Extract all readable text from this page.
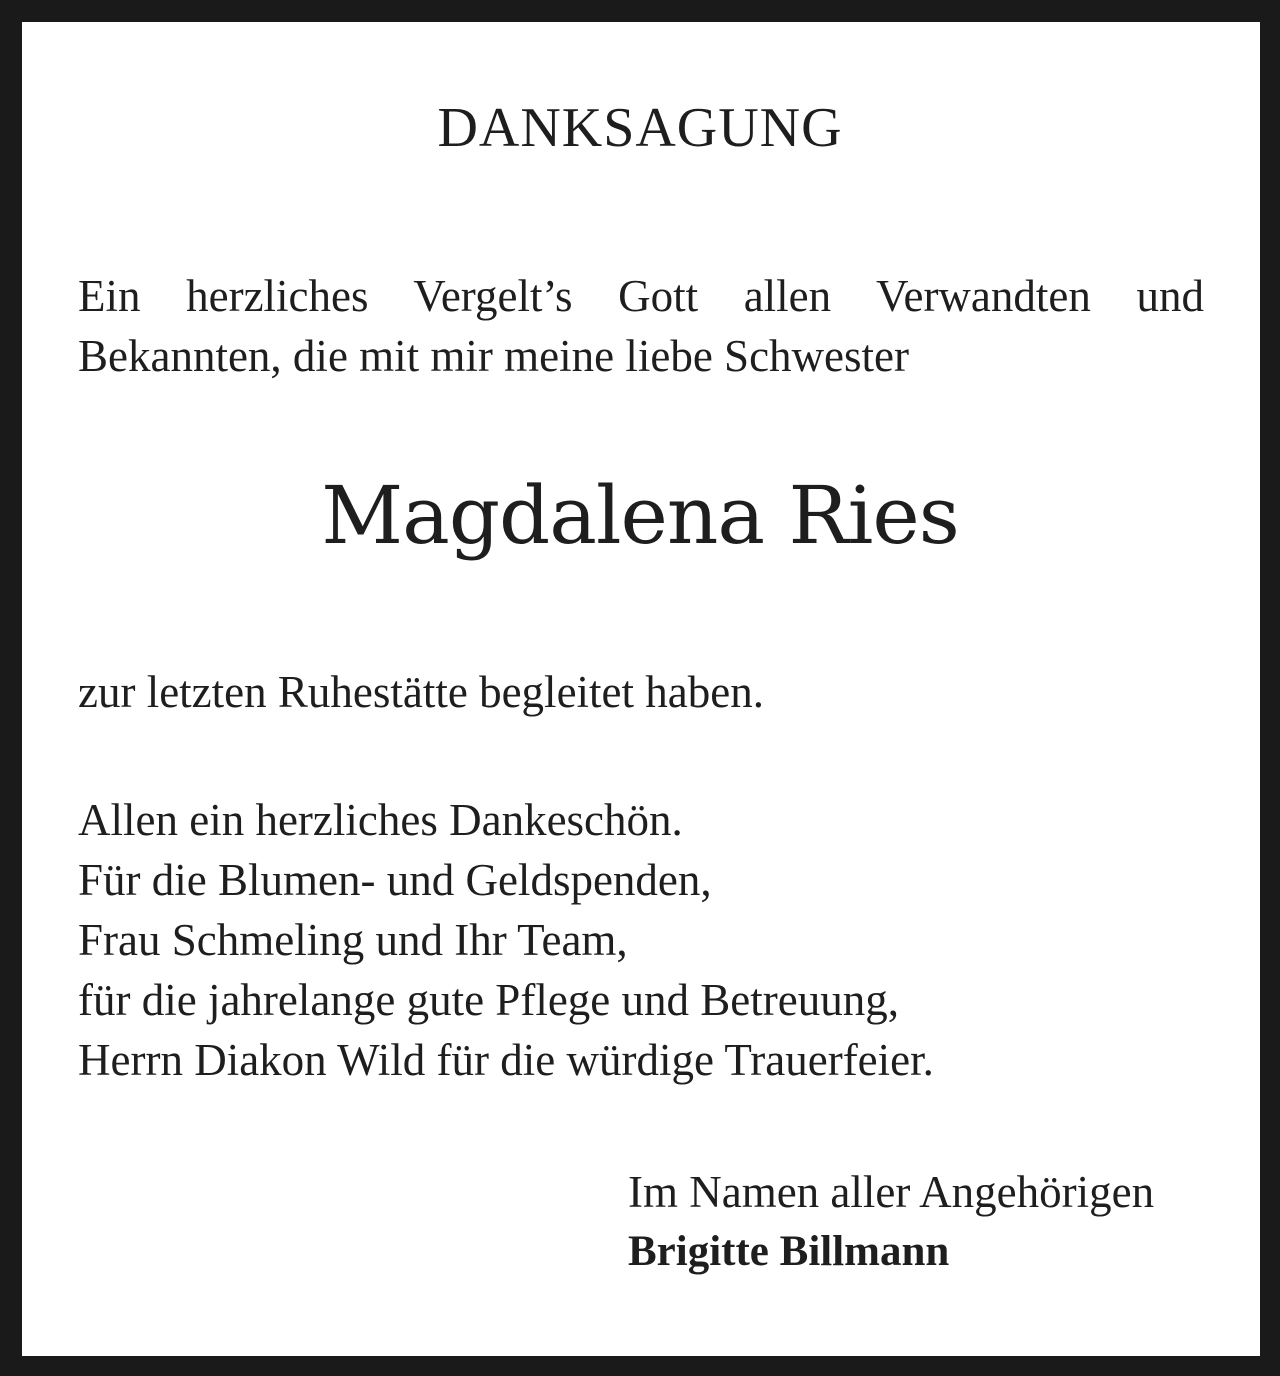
DANKSAGUNG
Ein herzliches Vergelt’s Gott allen Verwandten und
Bekannten, die mit mir meine liebe Schwester
Magdalena Ries
zur letzten Ruhestätte begleitet haben.
Allen ein herzliches Dankeschön.
Für die Blumen- und Geldspenden,
Frau Schmeling und Ihr Team,
für die jahrelange gute Pflege und Betreuung,
Herrn Diakon Wild für die würdige Trauerfeier.
Im Namen aller Angehörigen
Brigitte Billmann
